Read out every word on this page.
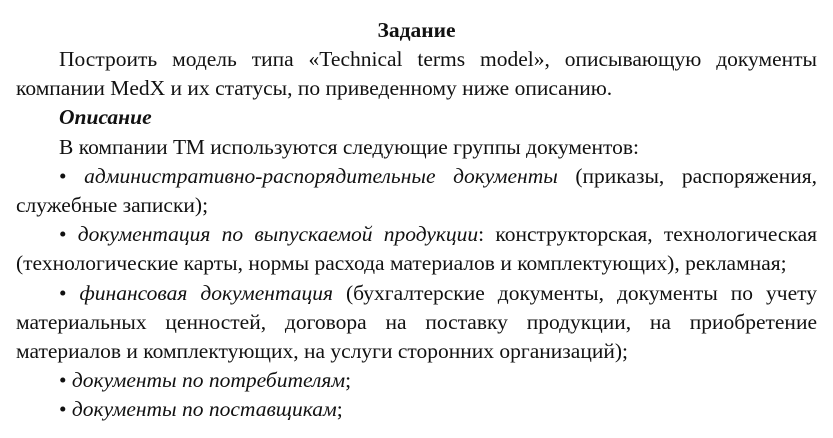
Задание

Построить модель типа «Technical terms model», описывающую документы компании MedX и их статусы, по приведенному ниже описанию.

Описание

В компании ТМ используются следующие группы документов:

• административно-распорядительные документы (приказы, распоряжения, служебные записки);

• документация по выпускаемой продукции: конструкторская, технологическая (технологические карты, нормы расхода материалов и комплектующих), рекламная;

• финансовая документация (бухгалтерские документы, документы по учету материальных ценностей, договора на поставку продукции, на приобретение материалов и комплектующих, на услуги сторонних организаций);

• документы по потребителям;

• документы по поставщикам;
